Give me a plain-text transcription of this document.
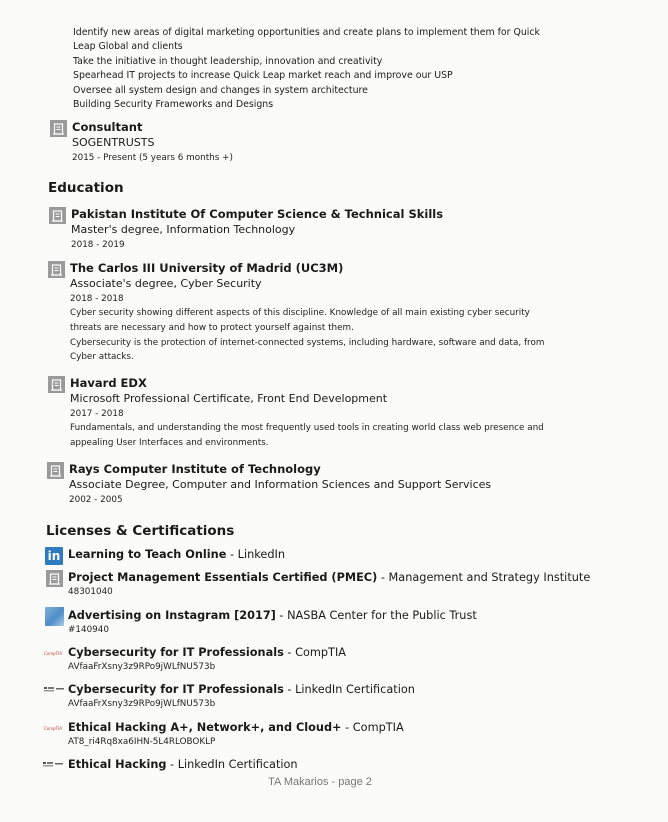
Identify new areas of digital marketing opportunities and create plans to implement them for Quick Leap Global and clients
Take the initiative in thought leadership, innovation and creativity
Spearhead IT projects to increase Quick Leap market reach and improve our USP
Oversee all system design and changes in system architecture
Building Security Frameworks and Designs
Consultant
SOGENTRUSTS
2015 - Present (5 years 6 months +)
Education
Pakistan Institute Of Computer Science & Technical Skills
Master's degree, Information Technology
2018 - 2019
The Carlos III University of Madrid (UC3M)
Associate's degree, Cyber Security
2018 - 2018
Cyber security showing different aspects of this discipline. Knowledge of all main existing cyber security threats are necessary and how to protect yourself against them.
Cybersecurity is the protection of internet-connected systems, including hardware, software and data, from Cyber attacks.
Havard EDX
Microsoft Professional Certificate, Front End Development
2017 - 2018
Fundamentals, and understanding the most frequently used tools in creating world class web presence and appealing User Interfaces and environments.
Rays Computer Institute of Technology
Associate Degree, Computer and Information Sciences and Support Services
2002 - 2005
Licenses & Certifications
in Learning to Teach Online - LinkedIn
Project Management Essentials Certified (PMEC) - Management and Strategy Institute
48301040
Advertising on Instagram [2017] - NASBA Center for the Public Trust
#140940
CompTIA Cybersecurity for IT Professionals - CompTIA
AVfaaFrXsny3z9RPo9jWLfNU573b
Cybersecurity for IT Professionals - LinkedIn Certification
AVfaaFrXsny3z9RPo9jWLfNU573b
CompTIA Ethical Hacking A+, Network+, and Cloud+ - CompTIA
AT8_ri4Rq8xa6IHN-5L4RLOBOKLP
Ethical Hacking - LinkedIn Certification
TA Makarios - page 2
